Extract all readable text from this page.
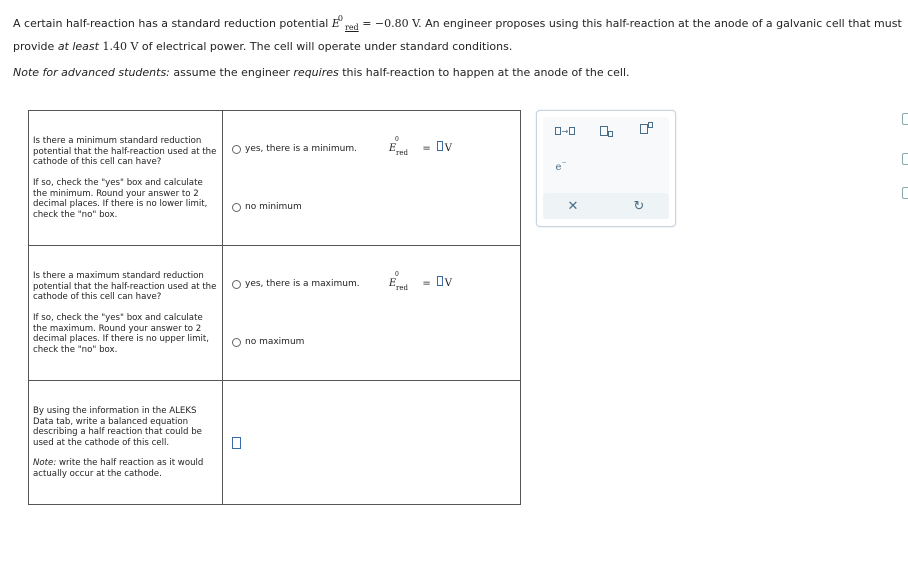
A certain half-reaction has a standard reduction potential $E^0_{red} = -0.80$ V. An engineer proposes using this half-reaction at the anode of a galvanic cell that must
provide at least 1.40 V of electrical power. The cell will operate under standard conditions.
Note for advanced students: assume the engineer requires this half-reaction to happen at the anode of the cell.
Is there a minimum standard reduction potential that the half-reaction used at the cathode of this cell can have?
If so, check the "yes" box and calculate the minimum. Round your answer to 2 decimal places. If there is no lower limit, check the "no" box.
yes, there is a minimum.
no minimum
E
0
red = V
Is there a maximum standard reduction potential that the half-reaction used at the cathode of this cell can have?
If so, check the "yes" box and calculate the maximum. Round your answer to 2 decimal places. If there is no upper limit, check the "no" box.
yes, there is a maximum.
no maximum
E
0
red = V
By using the information in the ALEKS Data tab, write a balanced equation describing a half reaction that could be used at the cathode of this cell.
Note: write the half reaction as it would actually occur at the cathode.
→
e −
✕	↻
